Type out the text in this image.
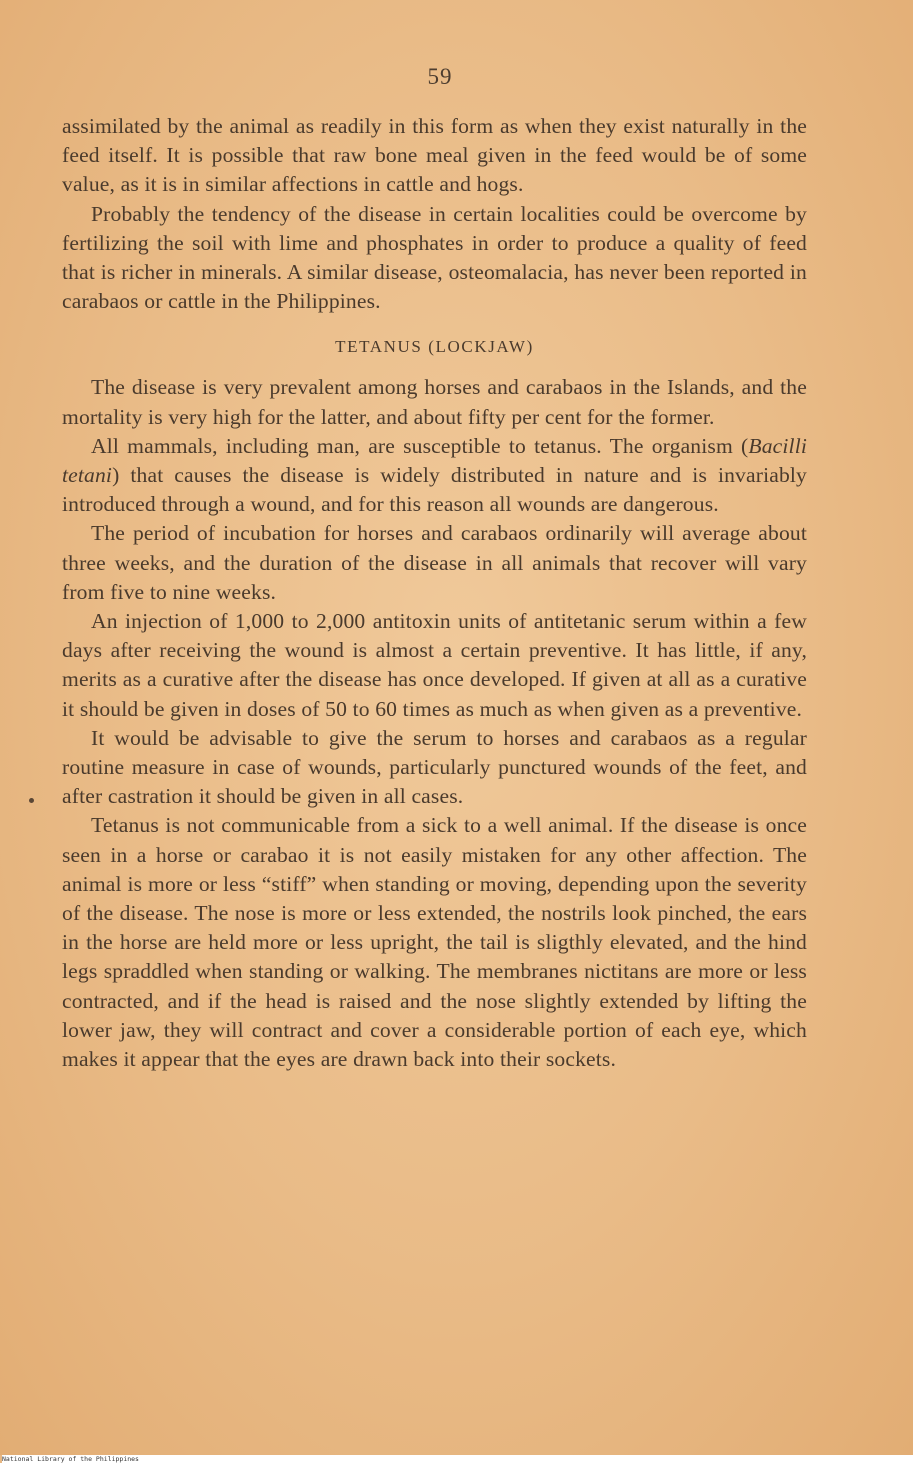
59

assimilated by the animal as readily in this form as when they exist naturally in the feed itself. It is possible that raw bone meal given in the feed would be of some value, as it is in similar affections in cattle and hogs.

Probably the tendency of the disease in certain localities could be overcome by fertilizing the soil with lime and phosphates in order to produce a quality of feed that is richer in minerals. A similar disease, osteomalacia, has never been reported in carabaos or cattle in the Philippines.

TETANUS (LOCKJAW)

The disease is very prevalent among horses and carabaos in the Islands, and the mortality is very high for the latter, and about fifty per cent for the former.

All mammals, including man, are susceptible to tetanus. The organism (Bacilli tetani) that causes the disease is widely distributed in nature and is invariably introduced through a wound, and for this reason all wounds are dangerous.

The period of incubation for horses and carabaos ordinarily will average about three weeks, and the duration of the disease in all animals that recover will vary from five to nine weeks.

An injection of 1,000 to 2,000 antitoxin units of antitetanic serum within a few days after receiving the wound is almost a certain preventive. It has little, if any, merits as a curative after the disease has once developed. If given at all as a curative it should be given in doses of 50 to 60 times as much as when given as a preventive.

It would be advisable to give the serum to horses and carabaos as a regular routine measure in case of wounds, particularly punctured wounds of the feet, and after castration it should be given in all cases.

Tetanus is not communicable from a sick to a well animal. If the disease is once seen in a horse or carabao it is not easily mistaken for any other affection. The animal is more or less “stiff” when standing or moving, depending upon the severity of the disease. The nose is more or less extended, the nostrils look pinched, the ears in the horse are held more or less upright, the tail is sligthly elevated, and the hind legs spraddled when standing or walking. The membranes nictitans are more or less contracted, and if the head is raised and the nose slightly extended by lifting the lower jaw, they will contract and cover a considerable portion of each eye, which makes it appear that the eyes are drawn back into their sockets.

National Library of the Philippines
